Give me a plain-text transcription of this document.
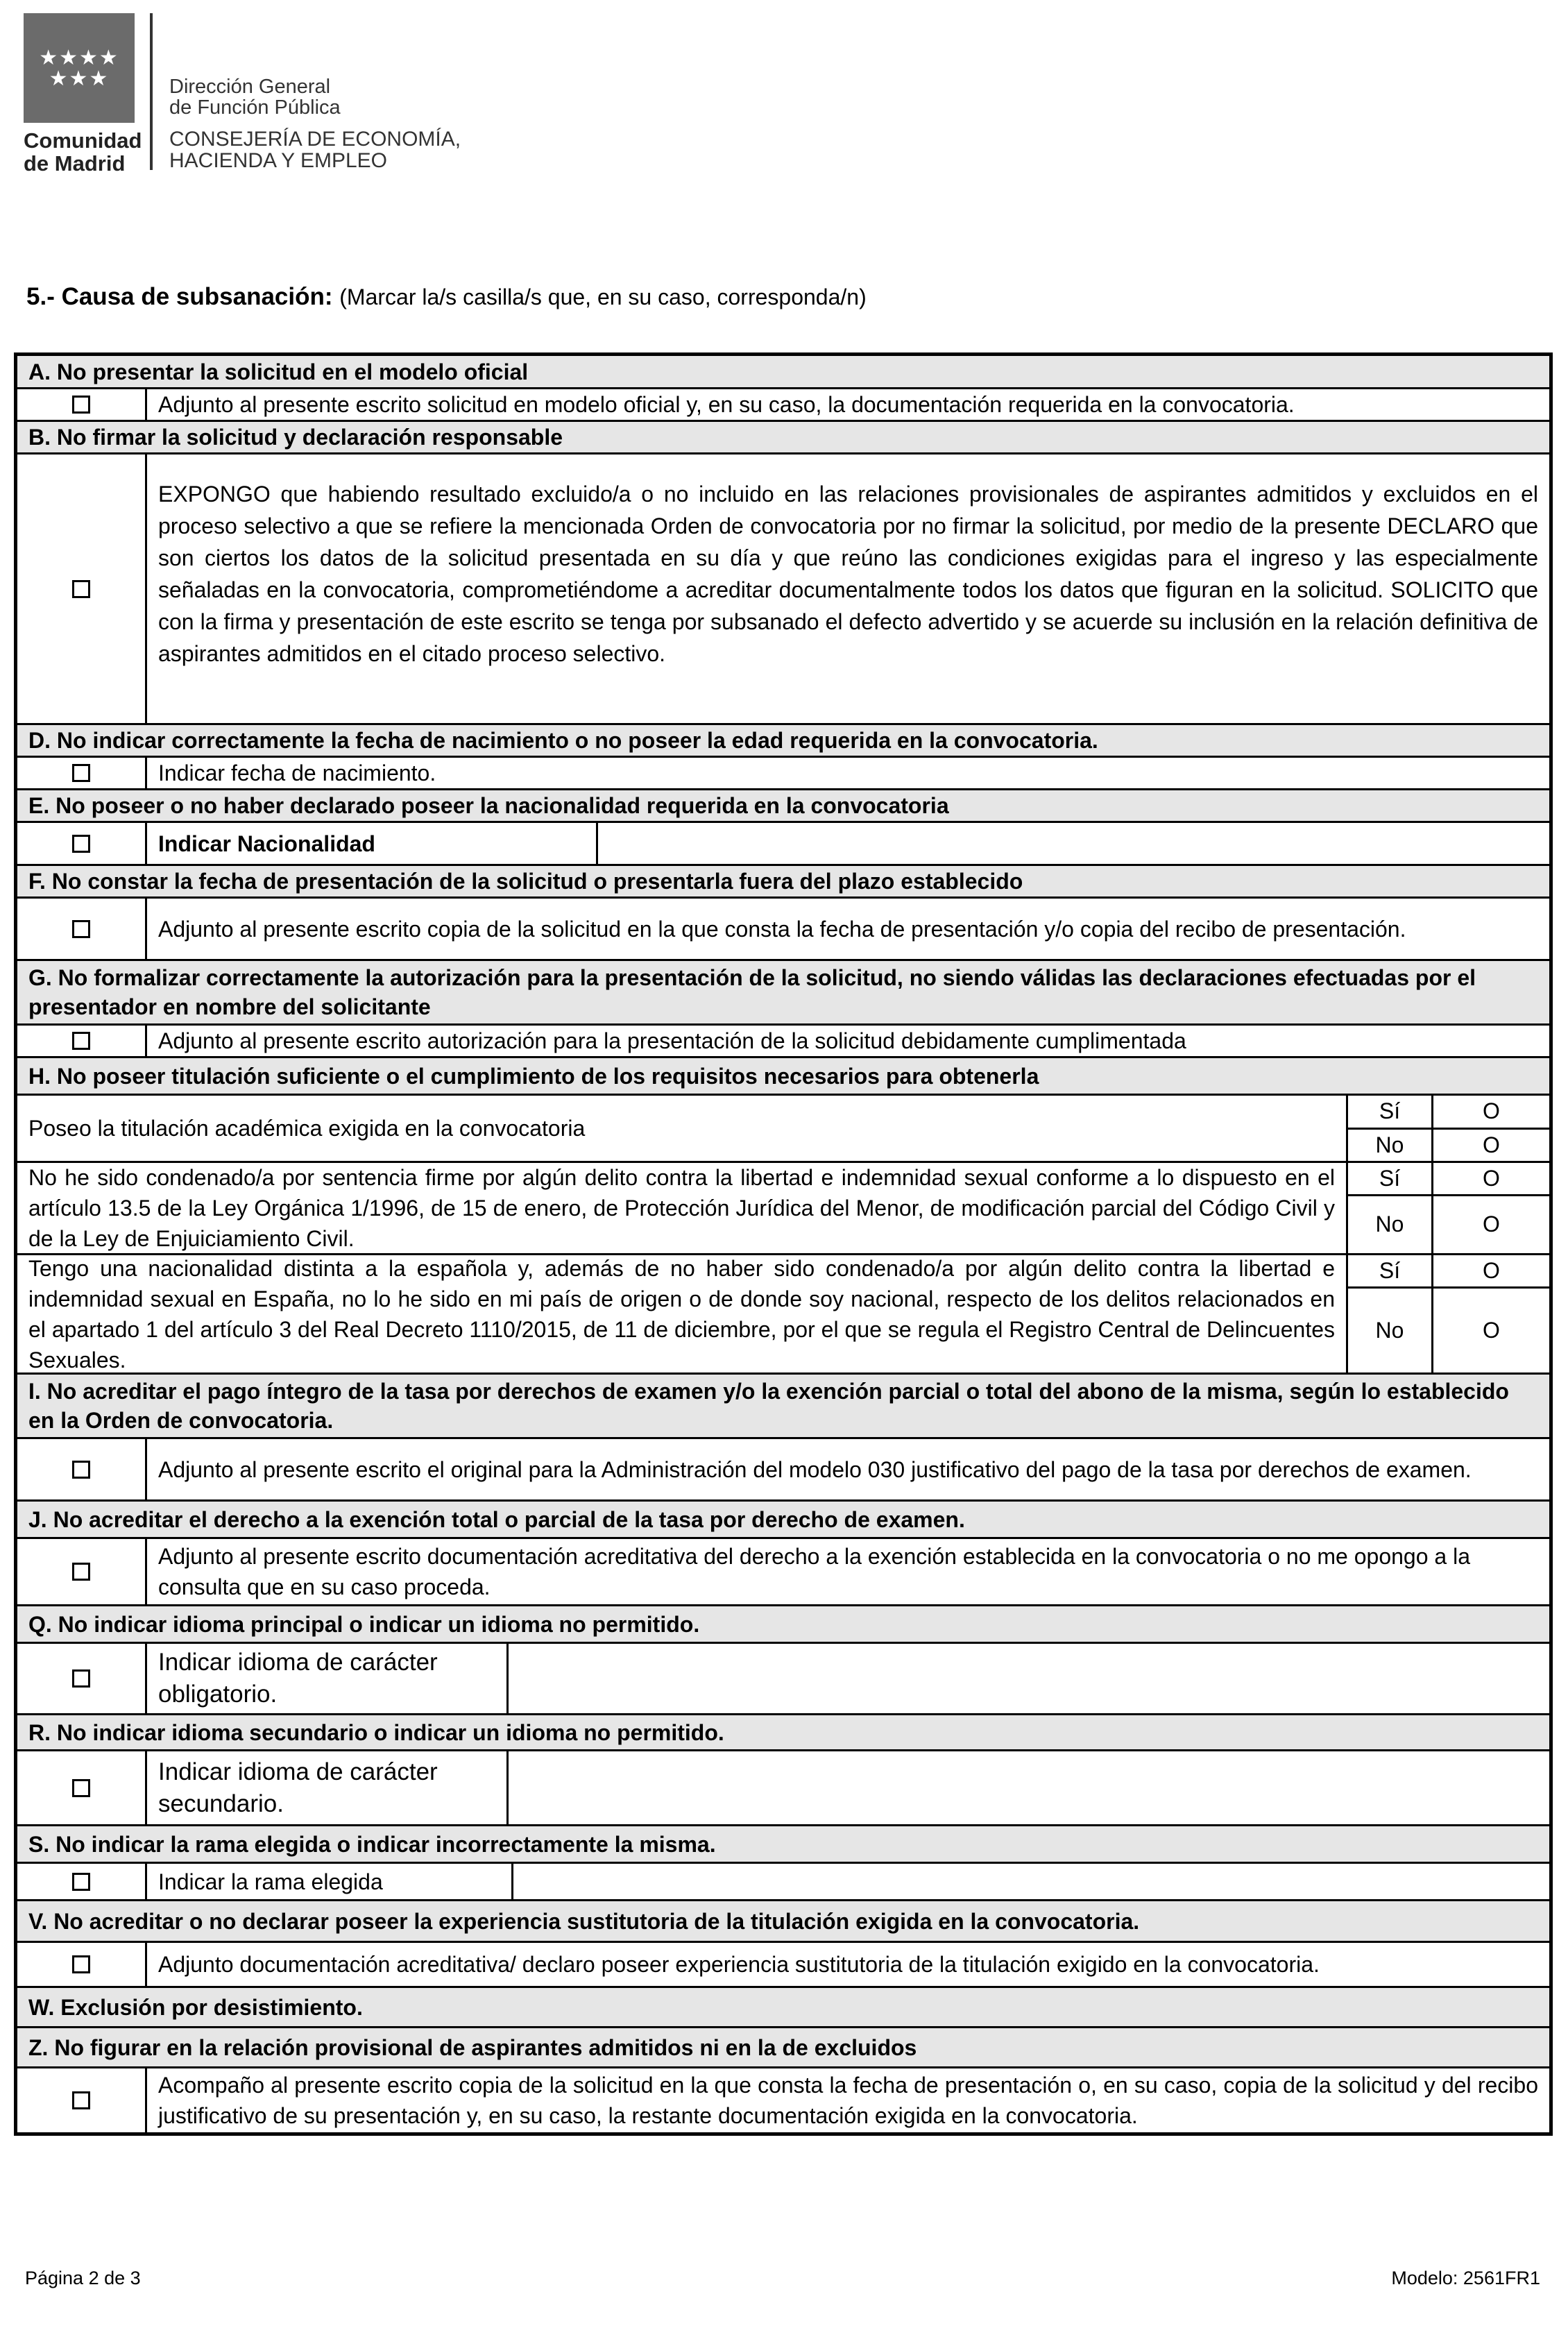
★★★★
★★★
Comunidad
de Madrid
Dirección General
de Función Pública
CONSEJERÍA DE ECONOMÍA,
HACIENDA Y EMPLEO
5.- Causa de subsanación: (Marcar la/s casilla/s que, en su caso, corresponda/n)
A. No presentar la solicitud en el modelo oficial
Adjunto al presente escrito solicitud en modelo oficial y, en su caso, la documentación requerida en la convocatoria.
B. No firmar la solicitud y declaración responsable
EXPONGO que habiendo resultado excluido/a o no incluido en las relaciones provisionales de aspirantes admitidos y excluidos en el proceso selectivo a que se refiere la mencionada Orden de convocatoria por no firmar la solicitud, por medio de la presente DECLARO que son ciertos los datos de la solicitud presentada en su día y que reúno las condiciones exigidas para el ingreso y las especialmente señaladas en la convocatoria, comprometiéndome a acreditar documentalmente todos los datos que figuran en la solicitud. SOLICITO que con la firma y presentación de este escrito se tenga por subsanado el defecto advertido y se acuerde su inclusión en la relación definitiva de aspirantes admitidos en el citado proceso selectivo.
D. No indicar correctamente la fecha de nacimiento o no poseer la edad requerida en la convocatoria.
Indicar fecha de nacimiento.
E. No poseer o no haber declarado poseer la nacionalidad requerida en la convocatoria
Indicar Nacionalidad
F. No constar la fecha de presentación de la solicitud o presentarla fuera del plazo establecido
Adjunto al presente escrito copia de la solicitud en la que consta la fecha de presentación y/o copia del recibo de presentación.
G. No formalizar correctamente la autorización para la presentación de la solicitud, no siendo válidas las declaraciones efectuadas por el presentador en nombre del solicitante
Adjunto al presente escrito autorización para la presentación de la solicitud debidamente cumplimentada
H. No poseer titulación suficiente o el cumplimiento de los requisitos necesarios para obtenerla
Poseo la titulación académica exigida en la convocatoria
Sí	O
No	O
No he sido condenado/a por sentencia firme por algún delito contra la libertad e indemnidad sexual conforme a lo dispuesto en el artículo 13.5 de la Ley Orgánica 1/1996, de 15 de enero, de Protección Jurídica del Menor, de modificación parcial del Código Civil y de la Ley de Enjuiciamiento Civil.
Sí	O
No	O
Tengo una nacionalidad distinta a la española y, además de no haber sido condenado/a por algún delito contra la libertad e indemnidad sexual en España, no lo he sido en mi país de origen o de donde soy nacional, respecto de los delitos relacionados en el apartado 1 del artículo 3 del Real Decreto 1110/2015, de 11 de diciembre, por el que se regula el Registro Central de Delincuentes Sexuales.
Sí	O
No	O
I. No acreditar el pago íntegro de la tasa por derechos de examen y/o la exención parcial o total del abono de la misma, según lo establecido en la Orden de convocatoria.
Adjunto al presente escrito el original para la Administración del modelo 030 justificativo del pago de la tasa por derechos de examen.
J. No acreditar el derecho a la exención total o parcial de la tasa por derecho de examen.
Adjunto al presente escrito documentación acreditativa del derecho a la exención establecida en la convocatoria o no me opongo a la consulta que en su caso proceda.
Q. No indicar idioma principal o indicar un idioma no permitido.
Indicar idioma de carácter obligatorio.
R. No indicar idioma secundario o indicar un idioma no permitido.
Indicar idioma de carácter secundario.
S. No indicar la rama elegida o indicar incorrectamente la misma.
Indicar la rama elegida
V. No acreditar o no declarar poseer la experiencia sustitutoria de la titulación exigida en la convocatoria.
Adjunto documentación acreditativa/ declaro poseer experiencia sustitutoria de la titulación exigido en la convocatoria.
W. Exclusión por desistimiento.
Z. No figurar en la relación provisional de aspirantes admitidos ni en la de excluidos
Acompaño al presente escrito copia de la solicitud en la que consta la fecha de presentación o, en su caso, copia de la solicitud y del recibo justificativo de su presentación y, en su caso, la restante documentación exigida en la convocatoria.
Página 2 de 3	Modelo: 2561FR1
